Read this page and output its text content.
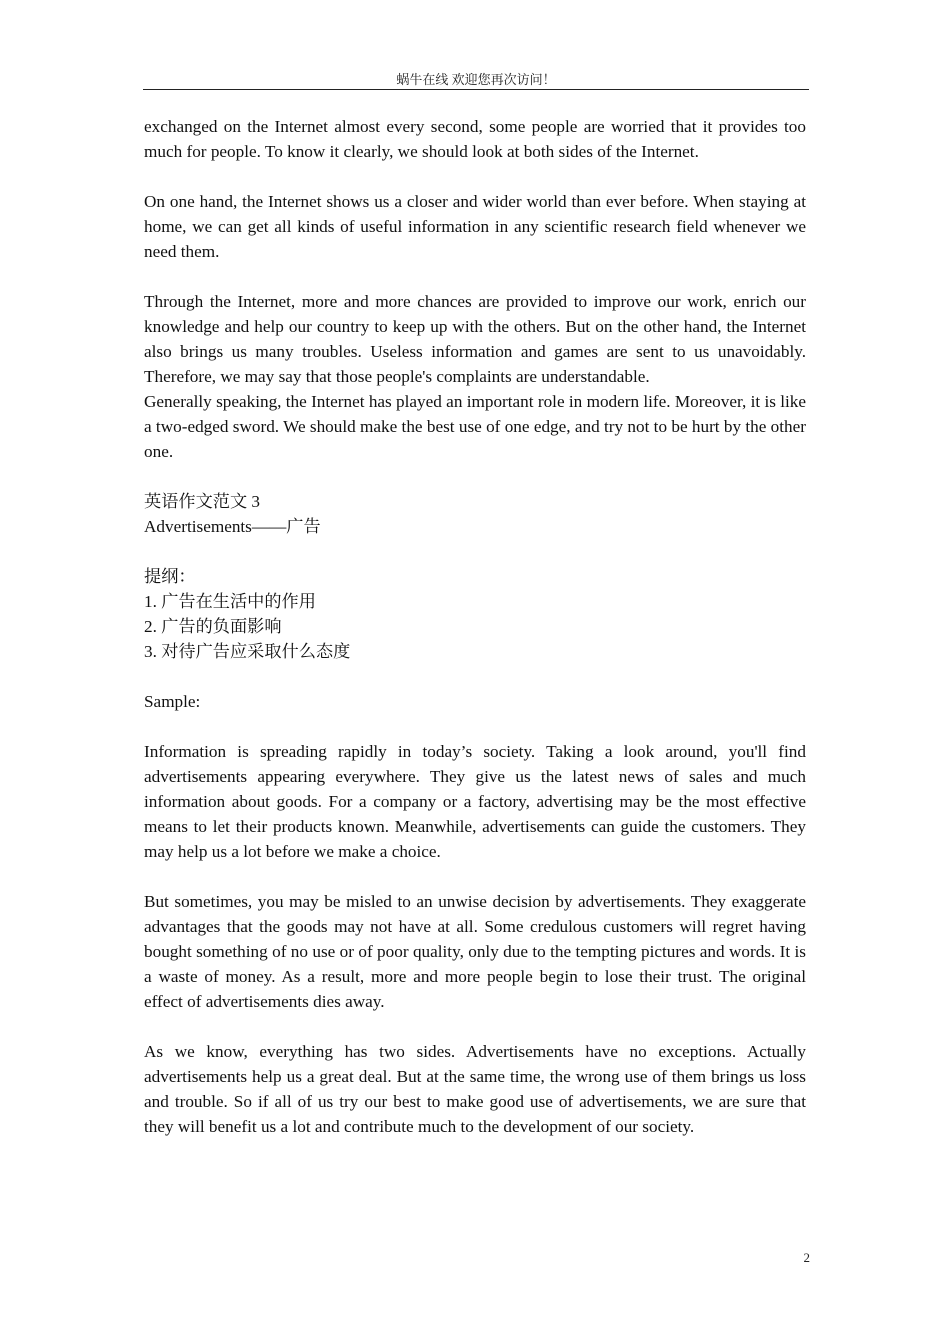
蜗牛在线 欢迎您再次访问！

exchanged on the Internet almost every second, some people are worried that it provides too much for people. To know it clearly, we should look at both sides of the Internet.

On one hand, the Internet shows us a closer and wider world than ever before. When staying at home, we can get all kinds of useful information in any scientific research field whenever we need them.

Through the Internet, more and more chances are provided to improve our work, enrich our knowledge and help our country to keep up with the others. But on the other hand, the Internet also brings us many troubles. Useless information and games are sent to us unavoidably. Therefore, we may say that those people's complaints are understandable.

Generally speaking, the Internet has played an important role in modern life. Moreover, it is like a two-edged sword. We should make the best use of one edge, and try not to be hurt by the other one.

英语作文范文 3

Advertisements——广告

提纲：

1. 广告在生活中的作用

2. 广告的负面影响

3. 对待广告应采取什么态度

Sample:

Information is spreading rapidly in today’s society. Taking a look around, you'll find advertisements appearing everywhere. They give us the latest news of sales and much information about goods. For a company or a factory, advertising may be the most effective means to let their products known. Meanwhile, advertisements can guide the customers. They may help us a lot before we make a choice.

But sometimes, you may be misled to an unwise decision by advertisements. They exaggerate advantages that the goods may not have at all. Some credulous customers will regret having bought something of no use or of poor quality, only due to the tempting pictures and words. It is a waste of money. As a result, more and more people begin to lose their trust. The original effect of advertisements dies away.

As we know, everything has two sides. Advertisements have no exceptions. Actually advertisements help us a great deal. But at the same time, the wrong use of them brings us loss and trouble. So if all of us try our best to make good use of advertisements, we are sure that they will benefit us a lot and contribute much to the development of our society.

2
